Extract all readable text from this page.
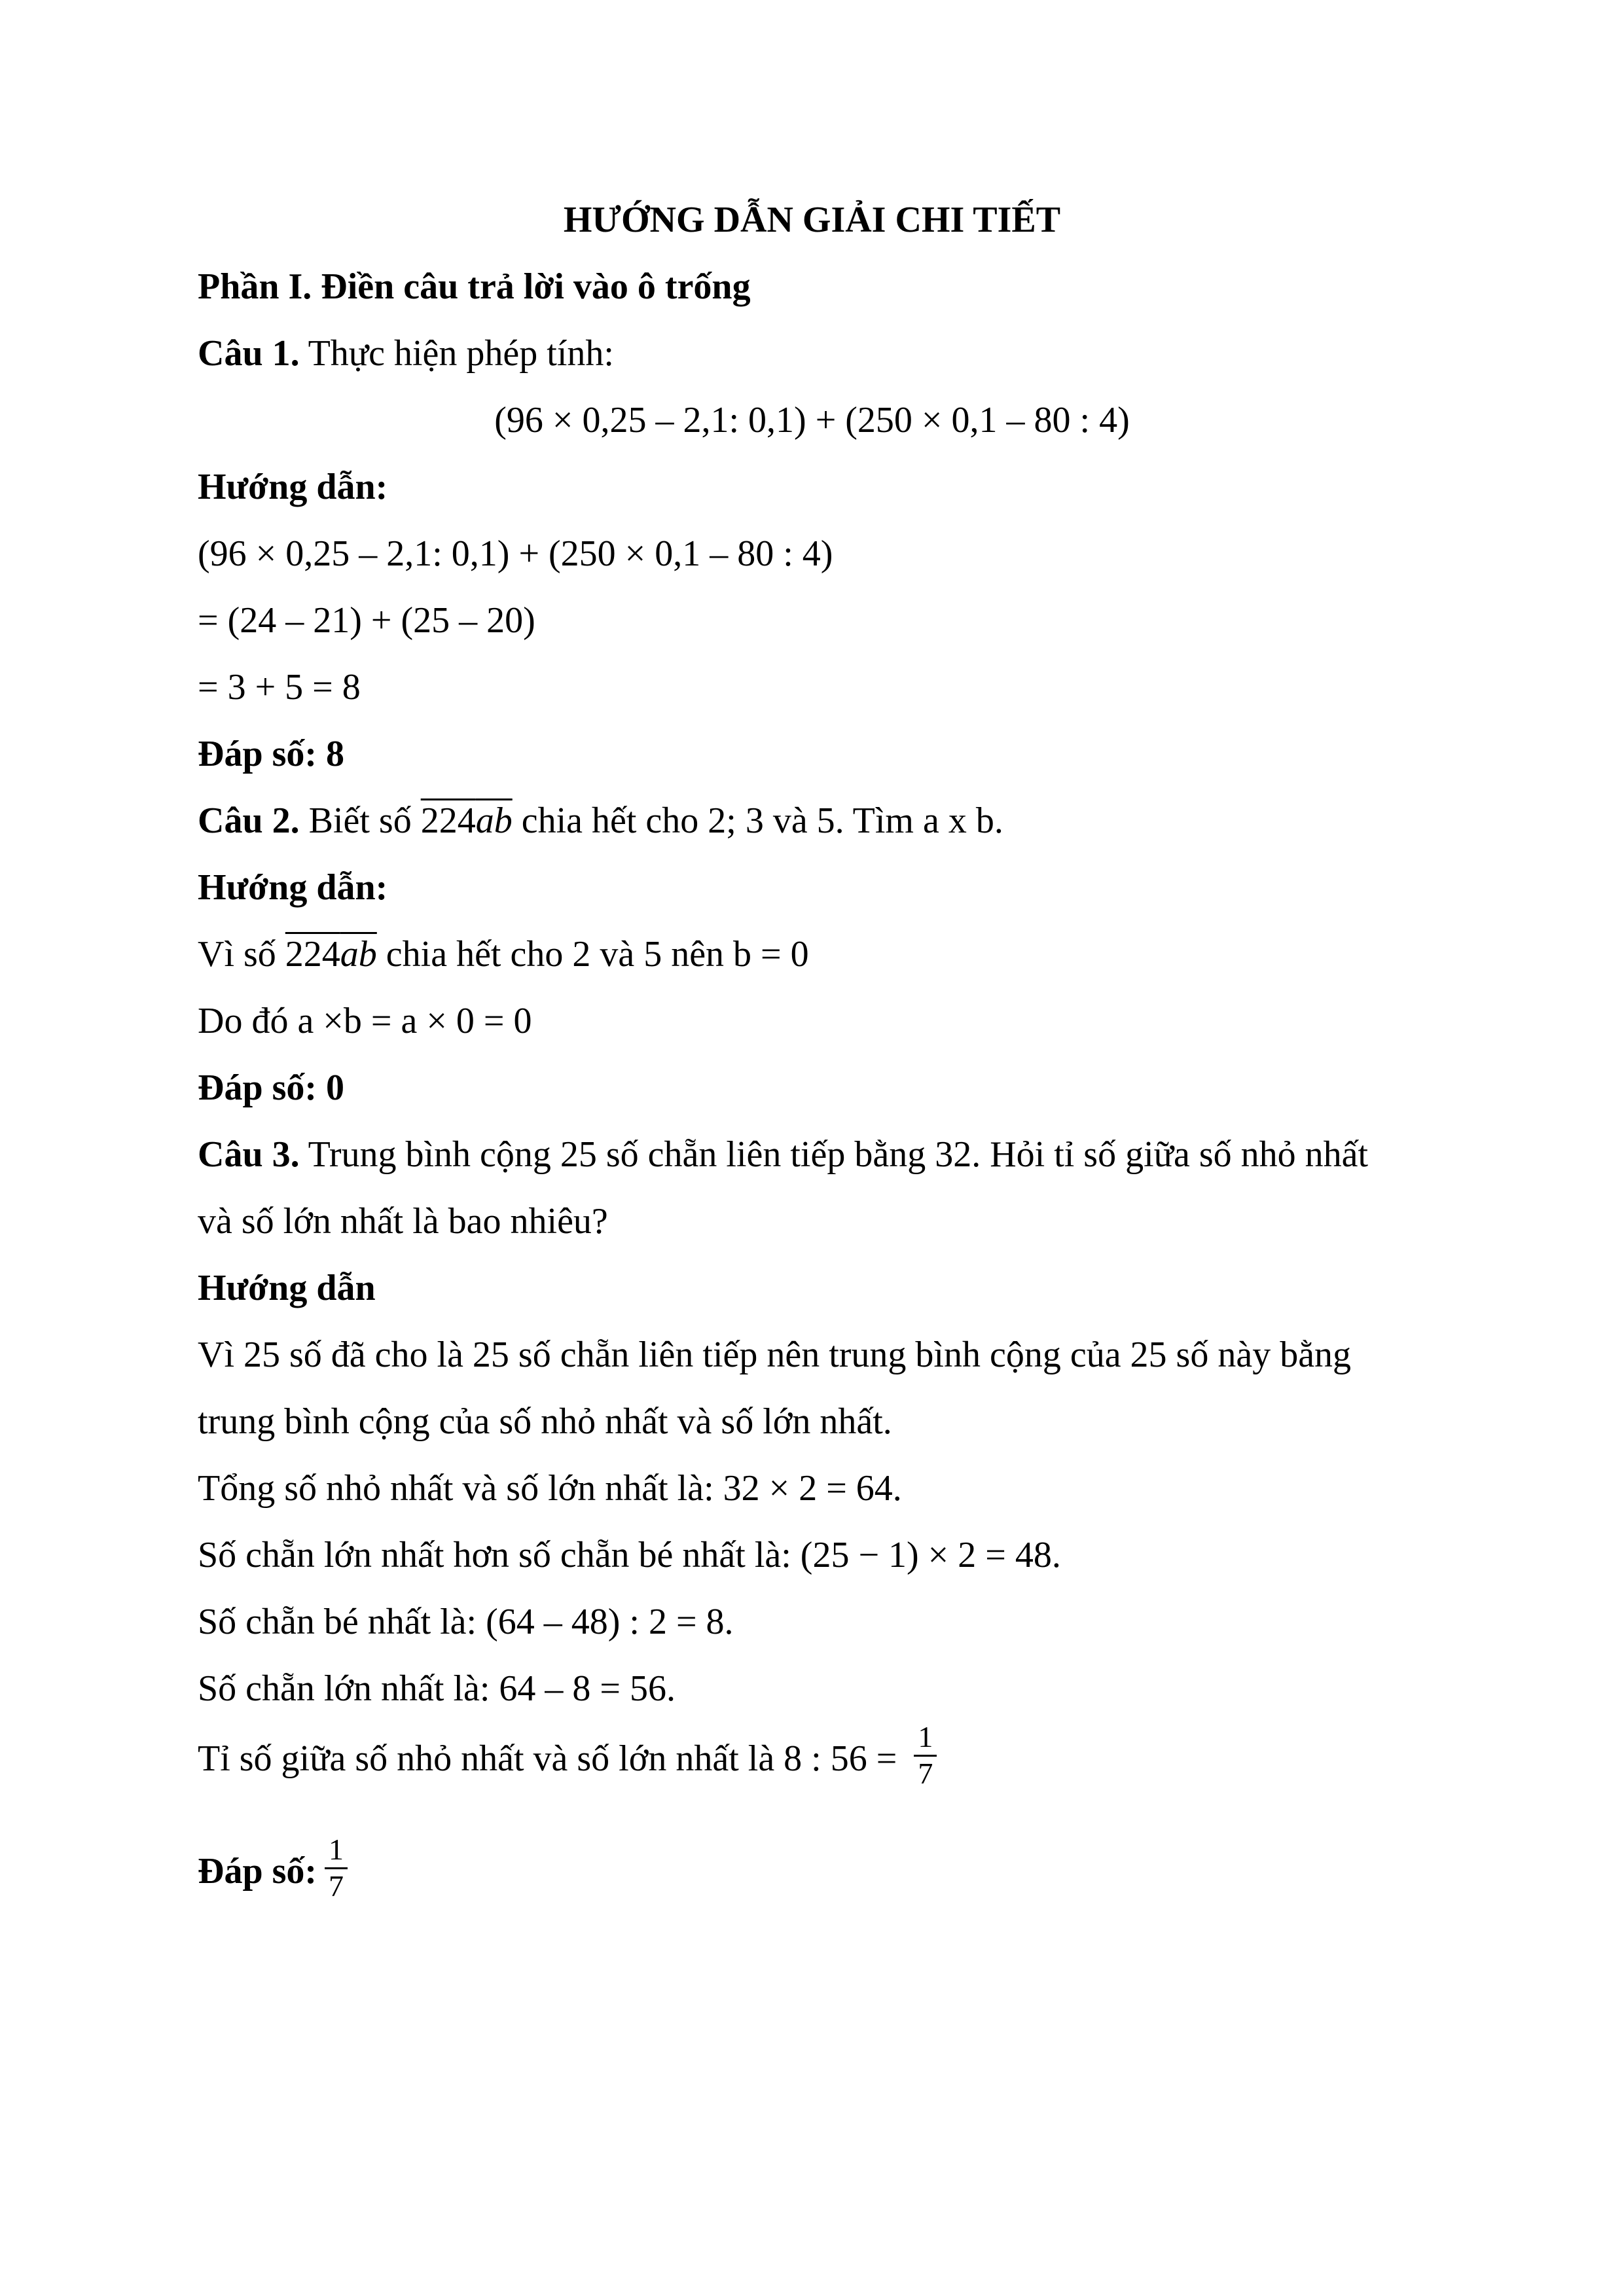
HƯỚNG DẪN GIẢI CHI TIẾT
Phần I. Điền câu trả lời vào ô trống
Câu 1. Thực hiện phép tính:
(96 × 0,25 – 2,1: 0,1) + (250 × 0,1 – 80 : 4)
Hướng dẫn:
(96 × 0,25 – 2,1: 0,1) + (250 × 0,1 – 80 : 4)
= (24 – 21) + (25 – 20)
= 3 + 5 = 8
Đáp số: 8
Câu 2. Biết số 224ab chia hết cho 2; 3 và 5. Tìm a x b.
Hướng dẫn:
Vì số 224ab chia hết cho 2 và 5 nên b = 0
Do đó a ×b = a × 0 = 0
Đáp số: 0
Câu 3. Trung bình cộng 25 số chẵn liên tiếp bằng 32. Hỏi tỉ số giữa số nhỏ nhất
và số lớn nhất là bao nhiêu?
Hướng dẫn
Vì 25 số đã cho là 25 số chẵn liên tiếp nên trung bình cộng của 25 số này bằng
trung bình cộng của số nhỏ nhất và số lớn nhất.
Tổng số nhỏ nhất và số lớn nhất là: 32 × 2 = 64.
Số chẵn lớn nhất hơn số chẵn bé nhất là: (25 − 1) × 2 = 48.
Số chẵn bé nhất là: (64 – 48) : 2 = 8.
Số chẵn lớn nhất là: 64 – 8 = 56.
Tỉ số giữa số nhỏ nhất và số lớn nhất là 8 : $56 = \frac{1}{7}$
Đáp số: $\frac{1}{7}$
